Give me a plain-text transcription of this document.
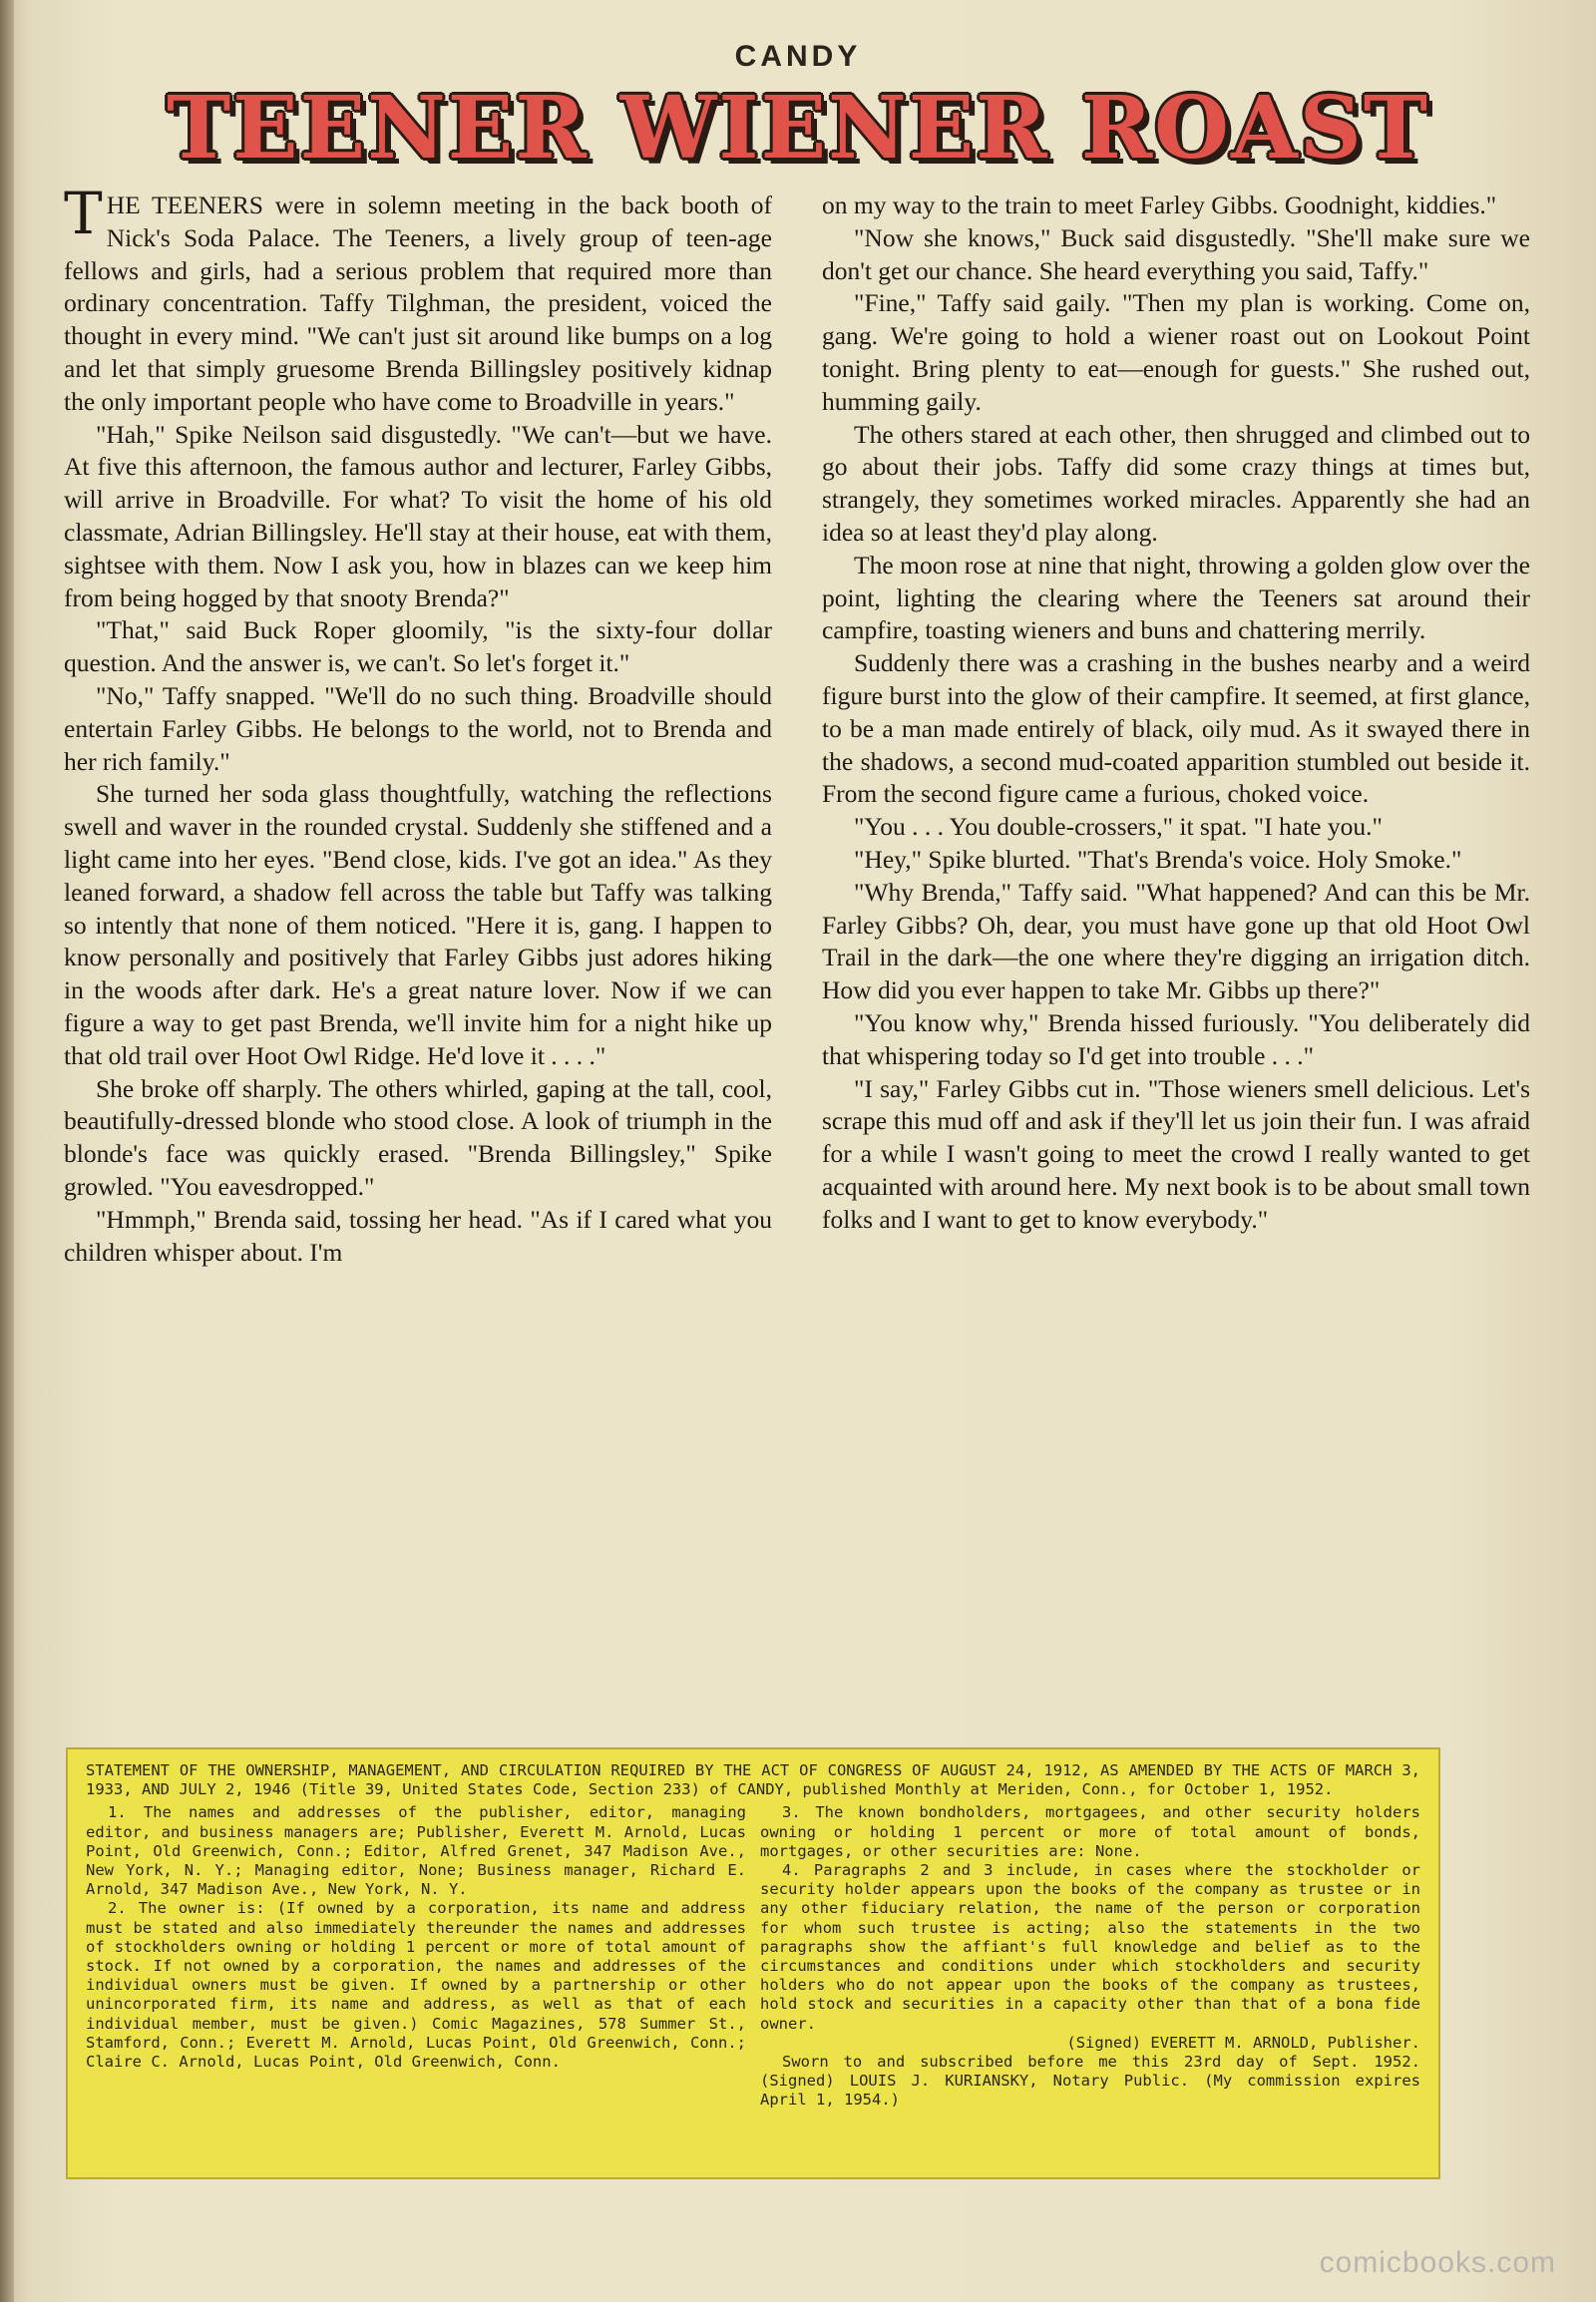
CANDY
TEENER WIENER ROAST

THE TEENERS were in solemn meeting in the back booth of Nick's Soda Palace. The Teeners, a lively group of teen-age fellows and girls, had a serious problem that required more than ordinary concentration. Taffy Tilghman, the president, voiced the thought in every mind. "We can't just sit around like bumps on a log and let that simply gruesome Brenda Billingsley positively kidnap the only important people who have come to Broadville in years."

"Hah," Spike Neilson said disgustedly. "We can't—but we have. At five this afternoon, the famous author and lecturer, Farley Gibbs, will arrive in Broadville. For what? To visit the home of his old classmate, Adrian Billingsley. He'll stay at their house, eat with them, sightsee with them. Now I ask you, how in blazes can we keep him from being hogged by that snooty Brenda?"

"That," said Buck Roper gloomily, "is the sixty-four dollar question. And the answer is, we can't. So let's forget it."

"No," Taffy snapped. "We'll do no such thing. Broadville should entertain Farley Gibbs. He belongs to the world, not to Brenda and her rich family."

She turned her soda glass thoughtfully, watching the reflections swell and waver in the rounded crystal. Suddenly she stiffened and a light came into her eyes. "Bend close, kids. I've got an idea." As they leaned forward, a shadow fell across the table but Taffy was talking so intently that none of them noticed. "Here it is, gang. I happen to know personally and positively that Farley Gibbs just adores hiking in the woods after dark. He's a great nature lover. Now if we can figure a way to get past Brenda, we'll invite him for a night hike up that old trail over Hoot Owl Ridge. He'd love it . . . ."

She broke off sharply. The others whirled, gaping at the tall, cool, beautifully-dressed blonde who stood close. A look of triumph in the blonde's face was quickly erased. "Brenda Billingsley," Spike growled. "You eavesdropped."

"Hmmph," Brenda said, tossing her head. "As if I cared what you children whisper about. I'm

on my way to the train to meet Farley Gibbs. Goodnight, kiddies."

"Now she knows," Buck said disgustedly. "She'll make sure we don't get our chance. She heard everything you said, Taffy."

"Fine," Taffy said gaily. "Then my plan is working. Come on, gang. We're going to hold a wiener roast out on Lookout Point tonight. Bring plenty to eat—enough for guests." She rushed out, humming gaily.

The others stared at each other, then shrugged and climbed out to go about their jobs. Taffy did some crazy things at times but, strangely, they sometimes worked miracles. Apparently she had an idea so at least they'd play along.

The moon rose at nine that night, throwing a golden glow over the point, lighting the clearing where the Teeners sat around their campfire, toasting wieners and buns and chattering merrily.

Suddenly there was a crashing in the bushes nearby and a weird figure burst into the glow of their campfire. It seemed, at first glance, to be a man made entirely of black, oily mud. As it swayed there in the shadows, a second mud-coated apparition stumbled out beside it. From the second figure came a furious, choked voice.

"You . . . You double-crossers," it spat. "I hate you."

"Hey," Spike blurted. "That's Brenda's voice. Holy Smoke."

"Why Brenda," Taffy said. "What happened? And can this be Mr. Farley Gibbs? Oh, dear, you must have gone up that old Hoot Owl Trail in the dark—the one where they're digging an irrigation ditch. How did you ever happen to take Mr. Gibbs up there?"

"You know why," Brenda hissed furiously. "You deliberately did that whispering today so I'd get into trouble . . ."

"I say," Farley Gibbs cut in. "Those wieners smell delicious. Let's scrape this mud off and ask if they'll let us join their fun. I was afraid for a while I wasn't going to meet the crowd I really wanted to get acquainted with around here. My next book is to be about small town folks and I want to get to know everybody."

STATEMENT OF THE OWNERSHIP, MANAGEMENT, AND CIRCULATION REQUIRED BY THE ACT OF CONGRESS OF AUGUST 24, 1912, AS AMENDED BY THE ACTS OF MARCH 3, 1933, AND JULY 2, 1946 (Title 39, United States Code, Section 233) of CANDY, published Monthly at Meriden, Conn., for October 1, 1952.

1. The names and addresses of the publisher, editor, managing editor, and business managers are; Publisher, Everett M. Arnold, Lucas Point, Old Greenwich, Conn.; Editor, Alfred Grenet, 347 Madison Ave., New York, N. Y.; Managing editor, None; Business manager, Richard E. Arnold, 347 Madison Ave., New York, N. Y.

2. The owner is: (If owned by a corporation, its name and address must be stated and also immediately thereunder the names and addresses of stockholders owning or holding 1 percent or more of total amount of stock. If not owned by a corporation, the names and addresses of the individual owners must be given. If owned by a partnership or other unincorporated firm, its name and address, as well as that of each individual member, must be given.) Comic Magazines, 578 Summer St., Stamford, Conn.; Everett M. Arnold, Lucas Point, Old Greenwich, Conn.; Claire C. Arnold, Lucas Point, Old Greenwich, Conn.

3. The known bondholders, mortgagees, and other security holders owning or holding 1 percent or more of total amount of bonds, mortgages, or other securities are: None.

4. Paragraphs 2 and 3 include, in cases where the stockholder or security holder appears upon the books of the company as trustee or in any other fiduciary relation, the name of the person or corporation for whom such trustee is acting; also the statements in the two paragraphs show the affiant's full knowledge and belief as to the circumstances and conditions under which stockholders and security holders who do not appear upon the books of the company as trustees, hold stock and securities in a capacity other than that of a bona fide owner.

(Signed) EVERETT M. ARNOLD, Publisher.

Sworn to and subscribed before me this 23rd day of Sept. 1952. (Signed) LOUIS J. KURIANSKY, Notary Public. (My commission expires April 1, 1954.)

comicbooks.com
